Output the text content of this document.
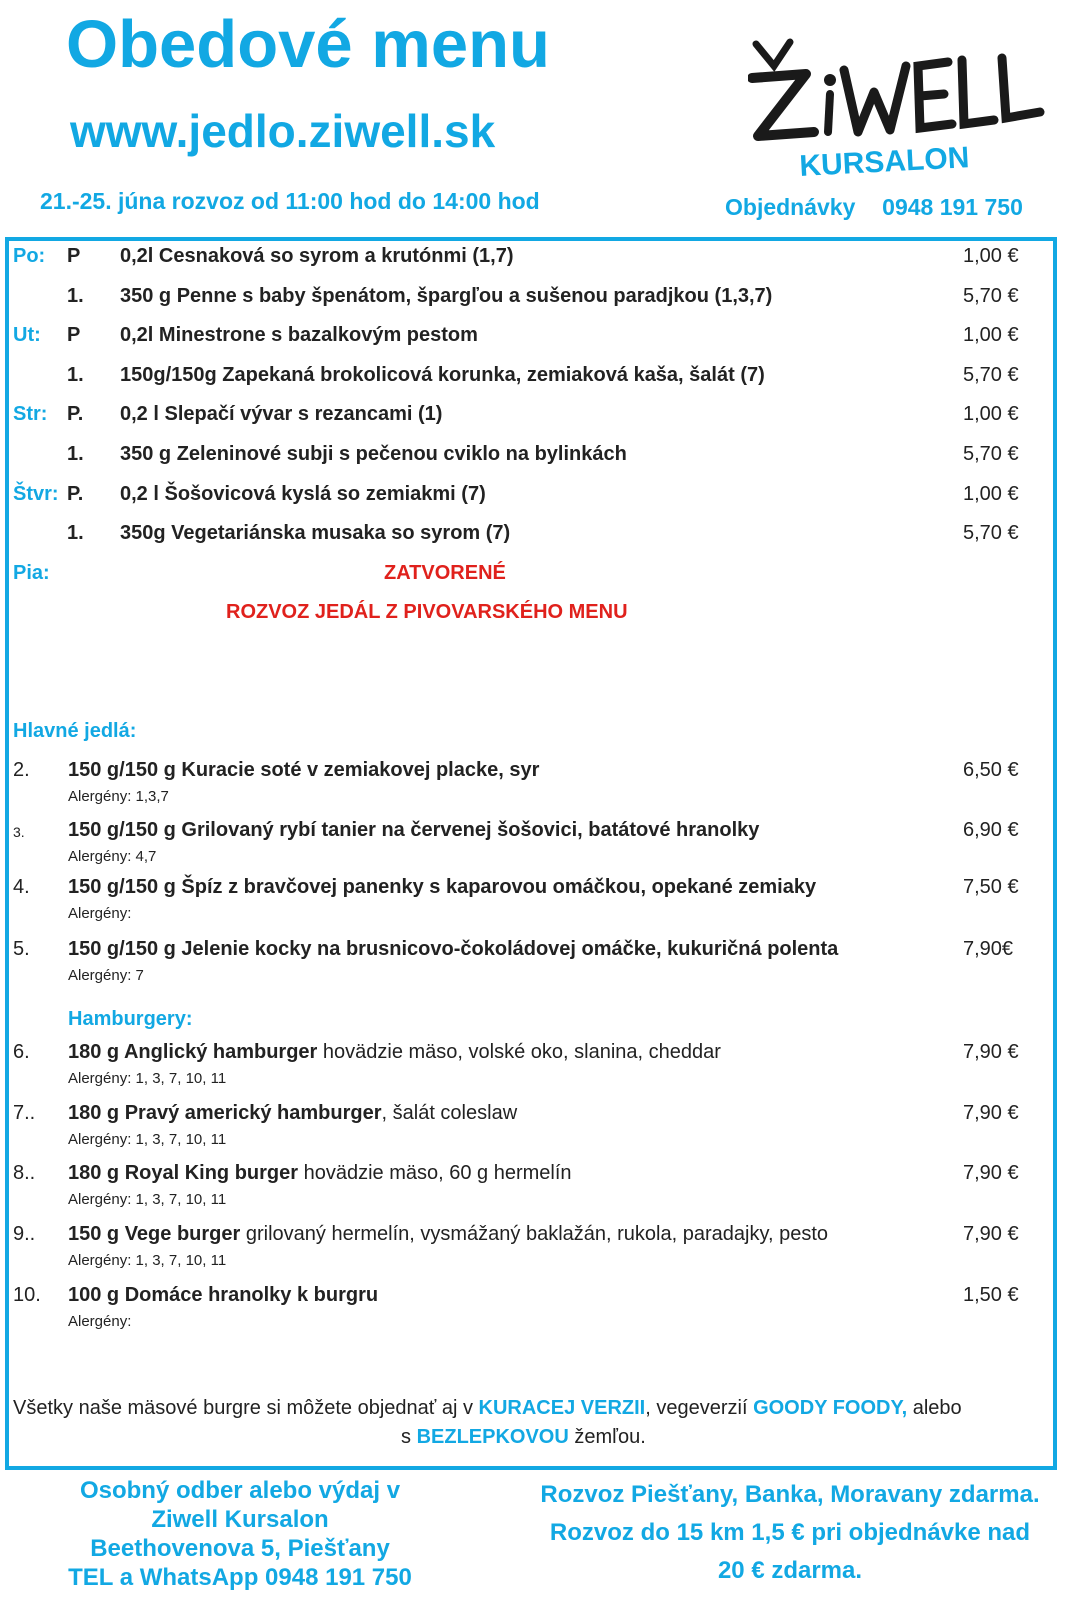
Obedové menu
www.jedlo.ziwell.sk
21.-25. júna rozvoz od 11:00 hod do 14:00 hod	Objednávky 0948 191 750
KURSALON
Po: P 0,2l Cesnaková so syrom a krutónmi (1,7)	1,00 €
1. 350 g Penne s baby špenátom, špargľou a sušenou paradjkou (1,3,7)	5,70 €
Ut: P 0,2l Minestrone s bazalkovým pestom	1,00 €
1. 150g/150g Zapekaná brokolicová korunka, zemiaková kaša, šalát (7)	5,70 €
Str: P. 0,2 l Slepačí vývar s rezancami (1)	1,00 €
1. 350 g Zeleninové subji s pečenou cviklo na bylinkách	5,70 €
Štvr: P. 0,2 l Šošovicová kyslá so zemiakmi (7)	1,00 €
1. 350g Vegetariánska musaka so syrom (7)	5,70 €
Pia:	ZATVORENÉ
ROZVOZ JEDÁL Z PIVOVARSKÉHO MENU
Hlavné jedlá:
2. 150 g/150 g Kuracie soté v zemiakovej placke, syr	6,50 €
Alergény: 1,3,7
3. 150 g/150 g Grilovaný rybí tanier na červenej šošovici, batátové hranolky	6,90 €
Alergény: 4,7
4. 150 g/150 g Špíz z bravčovej panenky s kaparovou omáčkou, opekané zemiaky	7,50 €
Alergény:
5. 150 g/150 g Jelenie kocky na brusnicovo-čokoládovej omáčke, kukuričná polenta	7,90€
Alergény: 7
Hamburgery:
6. 180 g Anglický hamburger hovädzie mäso, volské oko, slanina, cheddar	7,90 €
Alergény: 1, 3, 7, 10, 11
7.. 180 g Pravý americký hamburger, šalát coleslaw	7,90 €
Alergény: 1, 3, 7, 10, 11
8.. 180 g Royal King burger hovädzie mäso, 60 g hermelín	7,90 €
Alergény: 1, 3, 7, 10, 11
9.. 150 g Vege burger grilovaný hermelín, vysmážaný baklažán, rukola, paradajky, pesto	7,90 €
Alergény: 1, 3, 7, 10, 11
10. 100 g Domáce hranolky k burgru	1,50 €
Alergény:
Všetky naše mäsové burgre si môžete objednať aj v KURACEJ VERZII, vegeverzií GOODY FOODY, alebo
s BEZLEPKOVOU žemľou.
Osobný odber alebo výdaj v
Ziwell Kursalon
Beethovenova 5, Piešťany
TEL a WhatsApp 0948 191 750
Rozvoz Piešťany, Banka, Moravany zdarma.
Rozvoz do 15 km 1,5 € pri objednávke nad
20 € zdarma.
